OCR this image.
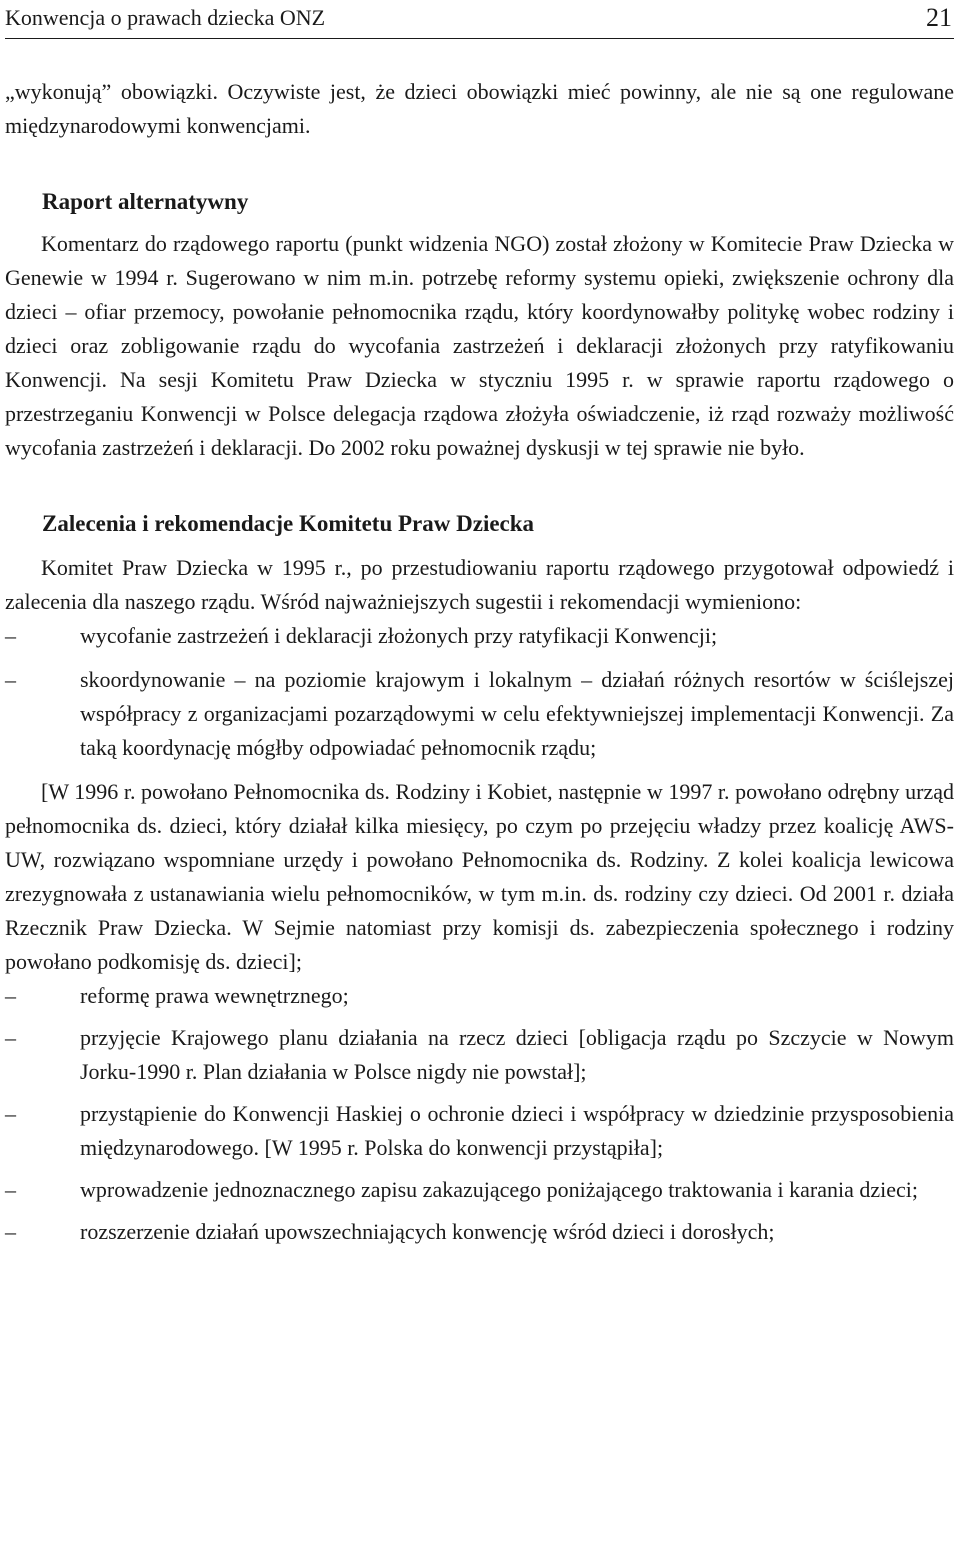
Konwencja o prawach dziecka ONZ	21

„wykonują” obowiązki. Oczywiste jest, że dzieci obowiązki mieć powinny, ale nie są one regulowane międzynarodowymi konwencjami.

Raport alternatywny

Komentarz do rządowego raportu (punkt widzenia NGO) został złożony w Komitecie Praw Dziecka w Genewie w 1994 r. Sugerowano w nim m.in. potrzebę reformy systemu opieki, zwiększenie ochrony dla dzieci – ofiar przemocy, powołanie pełnomocnika rządu, który koordynowałby politykę wobec rodziny i dzieci oraz zobligowanie rządu do wycofania zastrzeżeń i deklaracji złożonych przy ratyfikowaniu Konwencji. Na sesji Komitetu Praw Dziecka w styczniu 1995 r. w sprawie raportu rządowego o przestrzeganiu Konwencji w Polsce delegacja rządowa złożyła oświadczenie, iż rząd rozważy możliwość wycofania zastrzeżeń i deklaracji. Do 2002 roku poważnej dyskusji w tej sprawie nie było.

Zalecenia i rekomendacje Komitetu Praw Dziecka

Komitet Praw Dziecka w 1995 r., po przestudiowaniu raportu rządowego przygotował odpowiedź i zalecenia dla naszego rządu. Wśród najważniejszych sugestii i rekomendacji wymieniono:

–	wycofanie zastrzeżeń i deklaracji złożonych przy ratyfikacji Konwencji;
–	skoordynowanie – na poziomie krajowym i lokalnym – działań różnych resortów w ściślejszej współpracy z organizacjami pozarządowymi w celu efektywniejszej implementacji Konwencji. Za taką koordynację mógłby odpowiadać pełnomocnik rządu;

[W 1996 r. powołano Pełnomocnika ds. Rodziny i Kobiet, następnie w 1997 r. powołano odrębny urząd pełnomocnika ds. dzieci, który działał kilka miesięcy, po czym po przejęciu władzy przez koalicję AWS-UW, rozwiązano wspomniane urzędy i powołano Pełnomocnika ds. Rodziny. Z kolei koalicja lewicowa zrezygnowała z ustanawiania wielu pełnomocników, w tym m.in. ds. rodziny czy dzieci. Od 2001 r. działa Rzecznik Praw Dziecka. W Sejmie natomiast przy komisji ds. zabezpieczenia społecznego i rodziny powołano podkomisję ds. dzieci];

–	reformę prawa wewnętrznego;
–	przyjęcie Krajowego planu działania na rzecz dzieci [obligacja rządu po Szczycie w Nowym Jorku-1990 r. Plan działania w Polsce nigdy nie powstał];
–	przystąpienie do Konwencji Haskiej o ochronie dzieci i współpracy w dziedzinie przysposobienia międzynarodowego. [W 1995 r. Polska do konwencji przystąpiła];
–	wprowadzenie jednoznacznego zapisu zakazującego poniżającego traktowania i karania dzieci;
–	rozszerzenie działań upowszechniających konwencję wśród dzieci i dorosłych;
